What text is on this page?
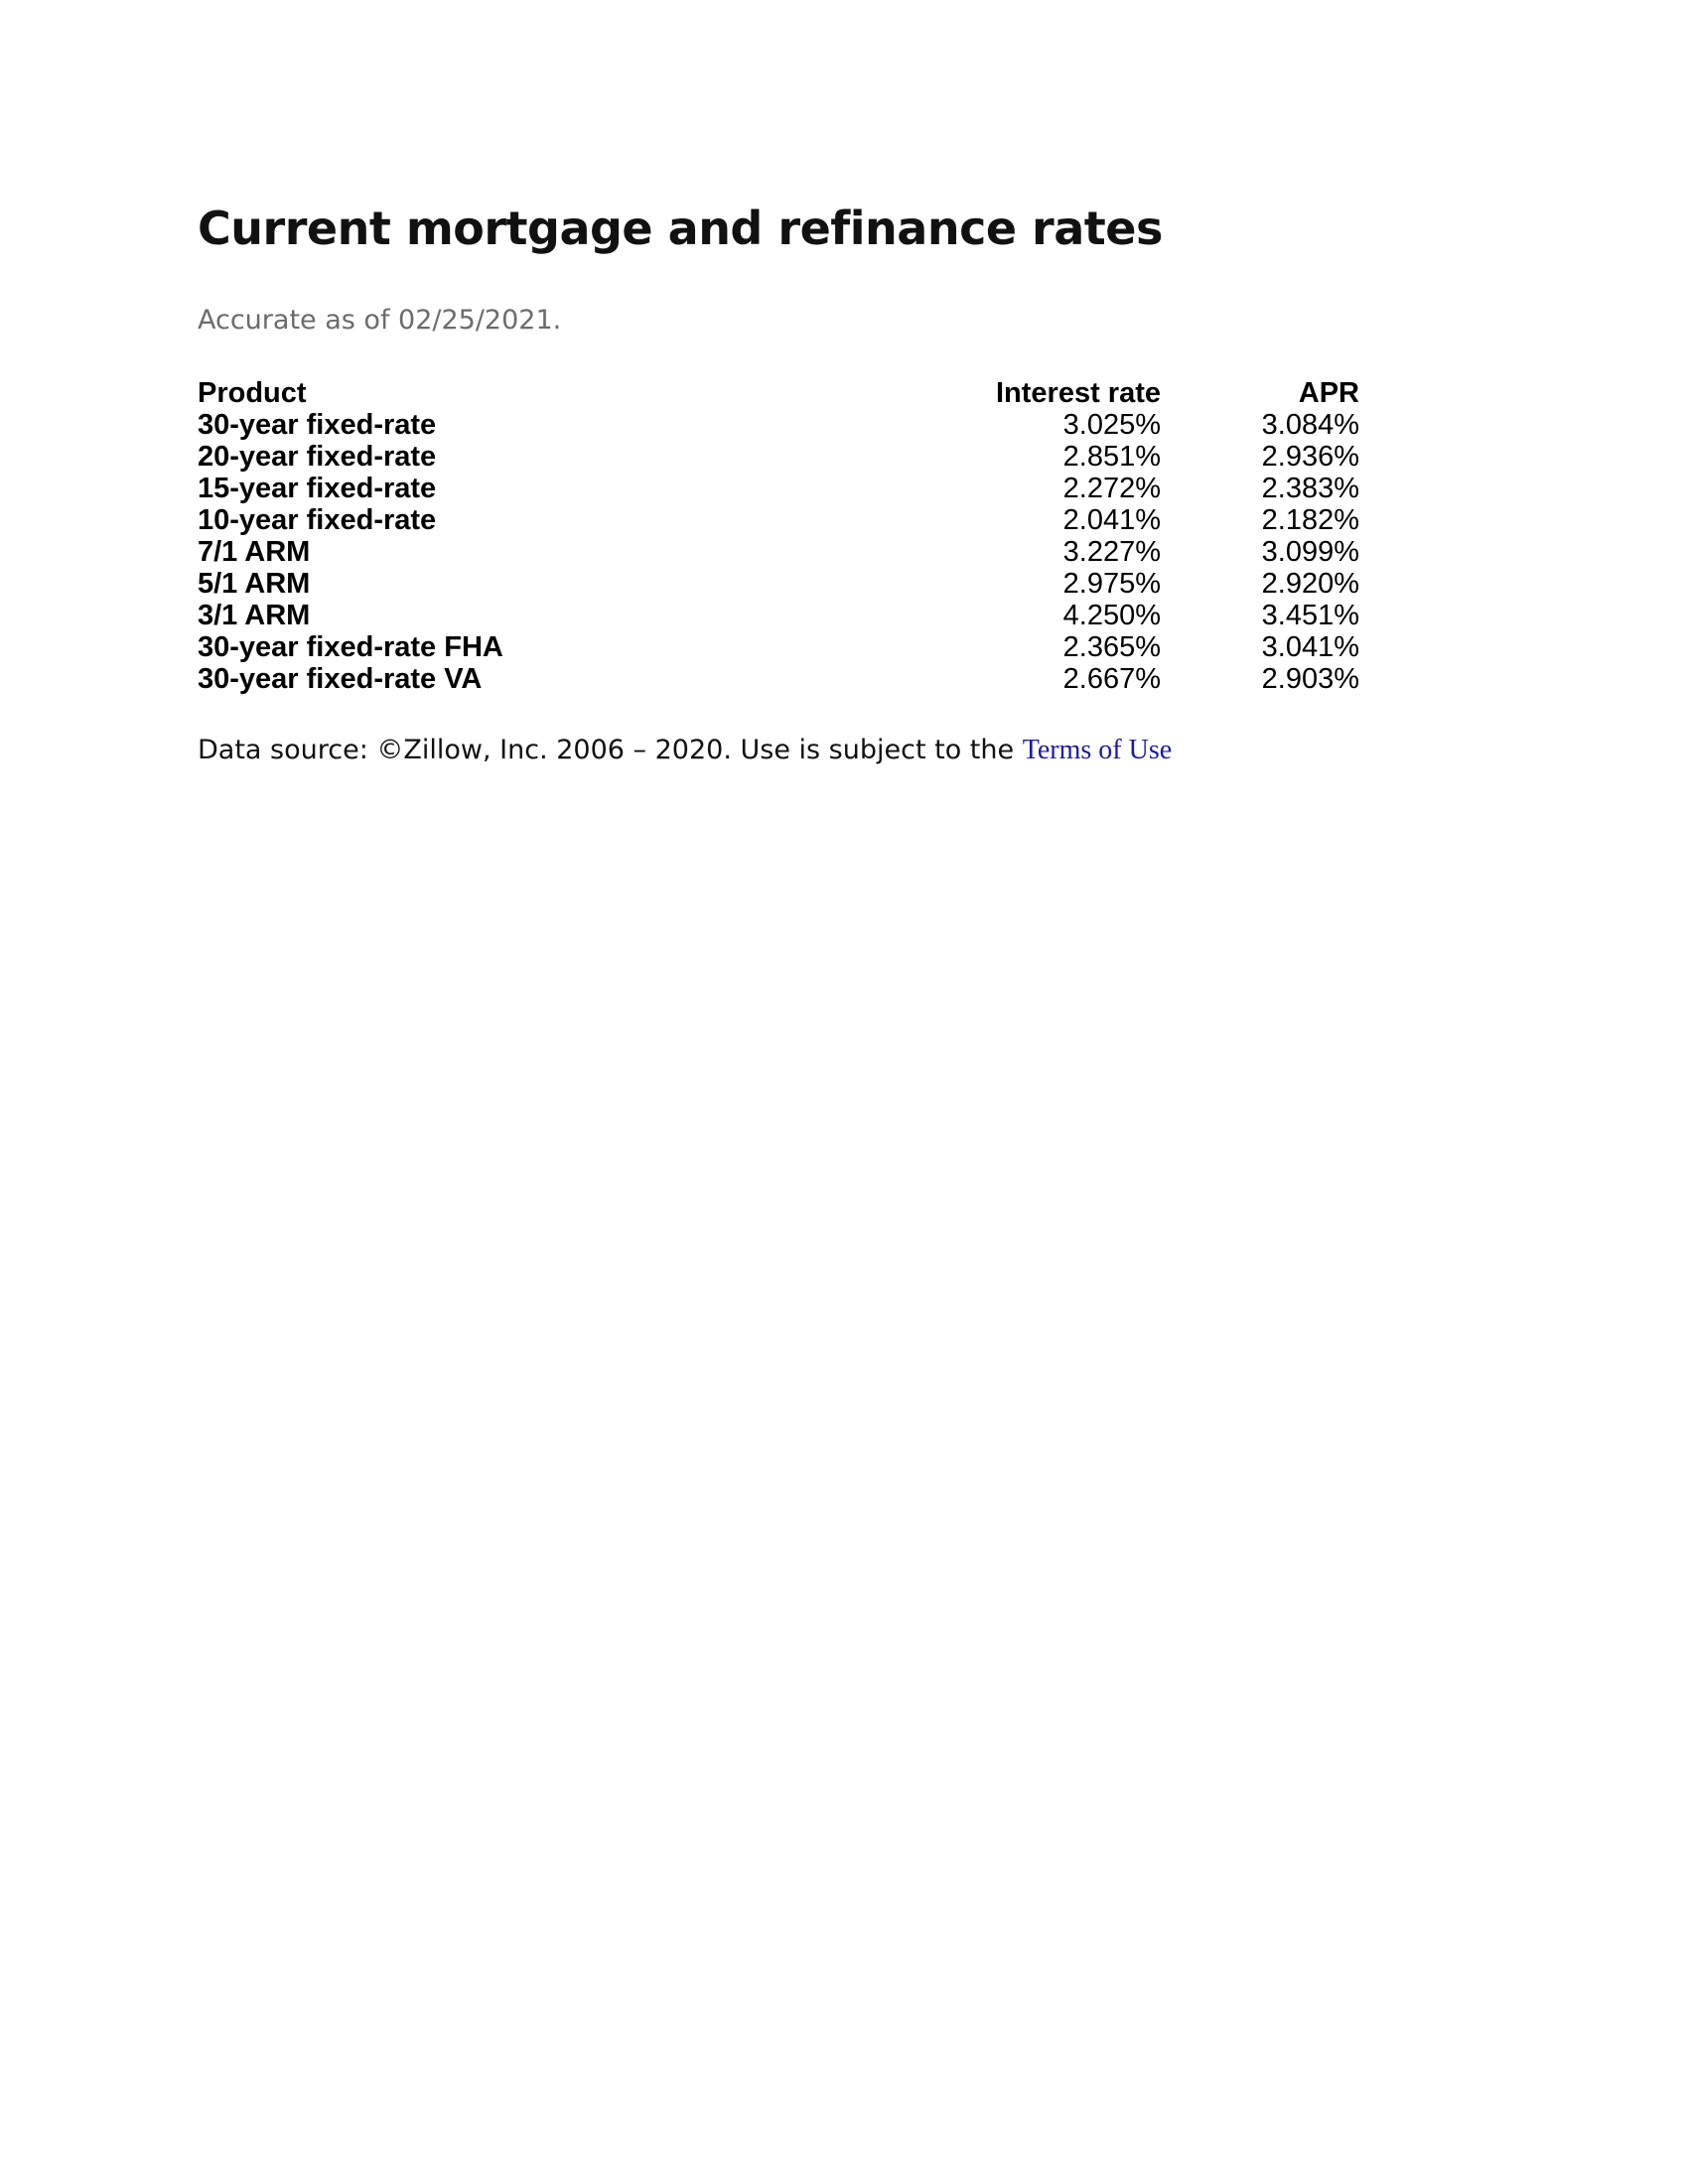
Current mortgage and refinance rates

Accurate as of 02/25/2021.

Product	Interest rate	APR
30-year fixed-rate	3.025%	3.084%
20-year fixed-rate	2.851%	2.936%
15-year fixed-rate	2.272%	2.383%
10-year fixed-rate	2.041%	2.182%
7/1 ARM	3.227%	3.099%
5/1 ARM	2.975%	2.920%
3/1 ARM	4.250%	3.451%
30-year fixed-rate FHA	2.365%	3.041%
30-year fixed-rate VA	2.667%	2.903%

Data source: ©Zillow, Inc. 2006 – 2020. Use is subject to the Terms of Use
